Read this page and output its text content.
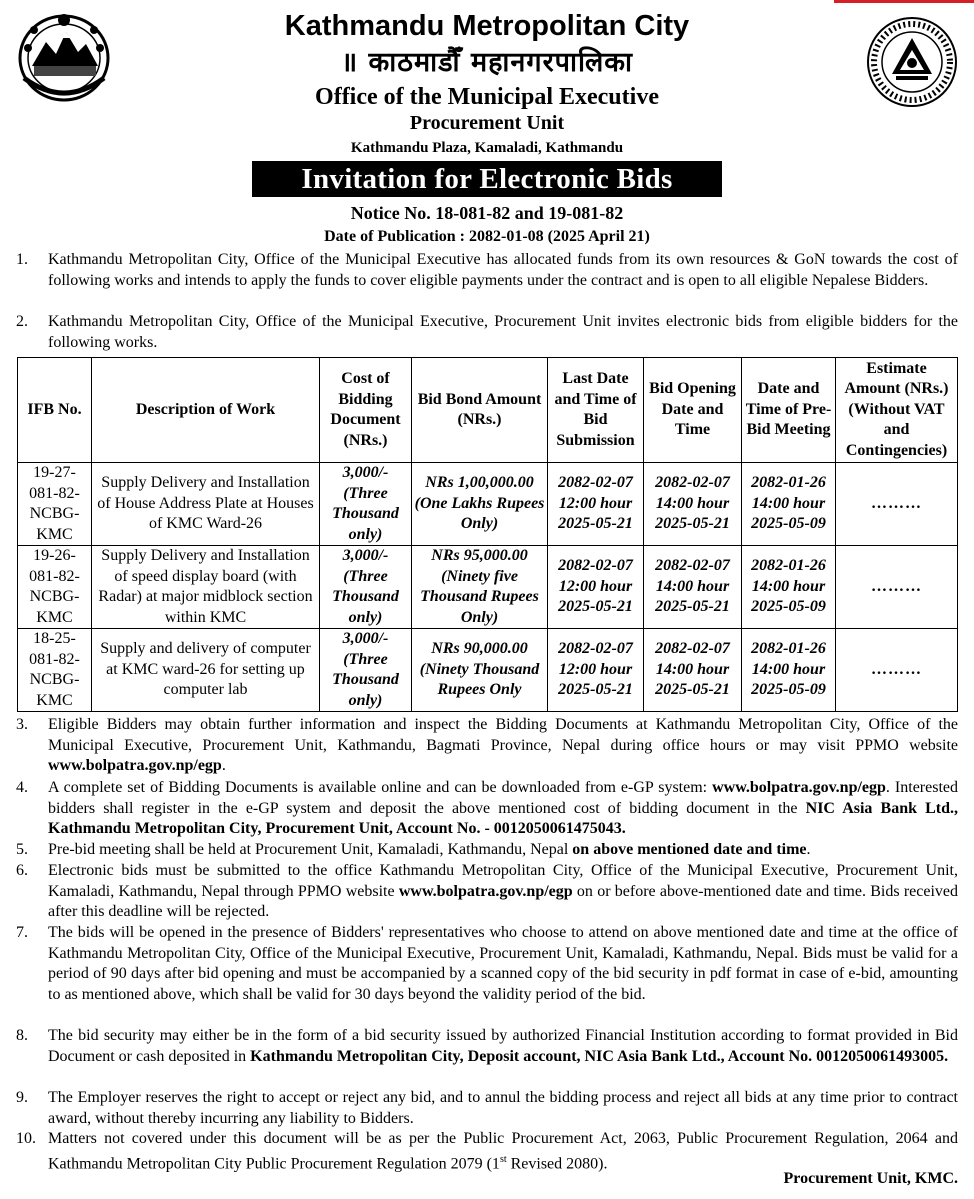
Kathmandu Metropolitan City
॥ काठमाडौँ महानगरपालिका
Office of the Municipal Executive
Procurement Unit
Kathmandu Plaza, Kamaladi, Kathmandu
Invitation for Electronic Bids
Notice No. 18-081-82 and 19-081-82
Date of Publication : 2082-01-08 (2025 April 21)
1. Kathmandu Metropolitan City, Office of the Municipal Executive has allocated funds from its own resources & GoN towards the cost of following works and intends to apply the funds to cover eligible payments under the contract and is open to all eligible Nepalese Bidders.
2. Kathmandu Metropolitan City, Office of the Municipal Executive, Procurement Unit invites electronic bids from eligible bidders for the following works.
IFB No.	Description of Work	Cost of Bidding Document (NRs.)	Bid Bond Amount (NRs.)	Last Date and Time of Bid Submission	Bid Opening Date and Time	Date and Time of Pre-Bid Meeting	Estimate Amount (NRs.) (Without VAT and Contingencies)
19-27-081-82-NCBG-KMC	Supply Delivery and Installation of House Address Plate at Houses of KMC Ward-26	3,000/- (Three Thousand only)	NRs 1,00,000.00 (One Lakhs Rupees Only)	2082-02-07 12:00 hour 2025-05-21	2082-02-07 14:00 hour 2025-05-21	2082-01-26 14:00 hour 2025-05-09	………
19-26-081-82-NCBG-KMC	Supply Delivery and Installation of speed display board (with Radar) at major midblock section within KMC	3,000/- (Three Thousand only)	NRs 95,000.00 (Ninety five Thousand Rupees Only)	2082-02-07 12:00 hour 2025-05-21	2082-02-07 14:00 hour 2025-05-21	2082-01-26 14:00 hour 2025-05-09	………
18-25-081-82-NCBG-KMC	Supply and delivery of computer at KMC ward-26 for setting up computer lab	3,000/- (Three Thousand only)	NRs 90,000.00 (Ninety Thousand Rupees Only	2082-02-07 12:00 hour 2025-05-21	2082-02-07 14:00 hour 2025-05-21	2082-01-26 14:00 hour 2025-05-09	………
3. Eligible Bidders may obtain further information and inspect the Bidding Documents at Kathmandu Metropolitan City, Office of the Municipal Executive, Procurement Unit, Kathmandu, Bagmati Province, Nepal during office hours or may visit PPMO website www.bolpatra.gov.np/egp.
4. A complete set of Bidding Documents is available online and can be downloaded from e-GP system: www.bolpatra.gov.np/egp. Interested bidders shall register in the e-GP system and deposit the above mentioned cost of bidding document in the NIC Asia Bank Ltd., Kathmandu Metropolitan City, Procurement Unit, Account No. - 0012050061475043.
5. Pre-bid meeting shall be held at Procurement Unit, Kamaladi, Kathmandu, Nepal on above mentioned date and time.
6. Electronic bids must be submitted to the office Kathmandu Metropolitan City, Office of the Municipal Executive, Procurement Unit, Kamaladi, Kathmandu, Nepal through PPMO website www.bolpatra.gov.np/egp on or before above-mentioned date and time. Bids received after this deadline will be rejected.
7. The bids will be opened in the presence of Bidders' representatives who choose to attend on above mentioned date and time at the office of Kathmandu Metropolitan City, Office of the Municipal Executive, Procurement Unit, Kamaladi, Kathmandu, Nepal. Bids must be valid for a period of 90 days after bid opening and must be accompanied by a scanned copy of the bid security in pdf format in case of e-bid, amounting to as mentioned above, which shall be valid for 30 days beyond the validity period of the bid.
8. The bid security may either be in the form of a bid security issued by authorized Financial Institution according to format provided in Bid Document or cash deposited in Kathmandu Metropolitan City, Deposit account, NIC Asia Bank Ltd., Account No. 0012050061493005.
9. The Employer reserves the right to accept or reject any bid, and to annul the bidding process and reject all bids at any time prior to contract award, without thereby incurring any liability to Bidders.
10. Matters not covered under this document will be as per the Public Procurement Act, 2063, Public Procurement Regulation, 2064 and Kathmandu Metropolitan City Public Procurement Regulation 2079 (1st Revised 2080).
Procurement Unit, KMC.
